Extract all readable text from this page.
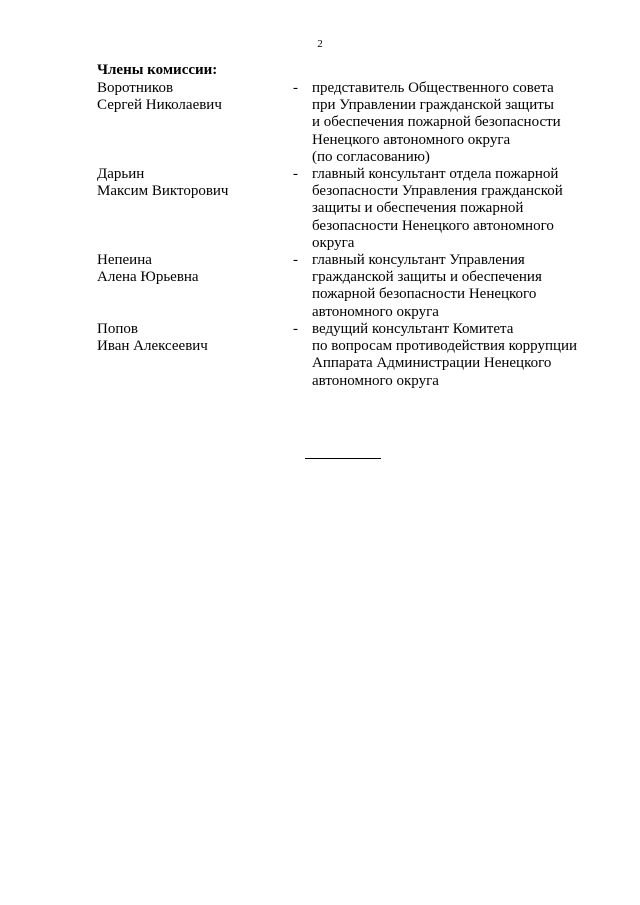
2
Члены комиссии:
Воротников
Сергей Николаевич
- представитель Общественного совета
при Управлении гражданской защиты
и обеспечения пожарной безопасности
Ненецкого автономного округа
(по согласованию)
Дарьин
Максим Викторович
- главный консультант отдела пожарной
безопасности Управления гражданской
защиты и обеспечения пожарной
безопасности Ненецкого автономного
округа
Непеина
Алена Юрьевна
- главный консультант Управления
гражданской защиты и обеспечения
пожарной безопасности Ненецкого
автономного округа
Попов
Иван Алексеевич
- ведущий консультант Комитета
по вопросам противодействия коррупции
Аппарата Администрации Ненецкого
автономного округа
